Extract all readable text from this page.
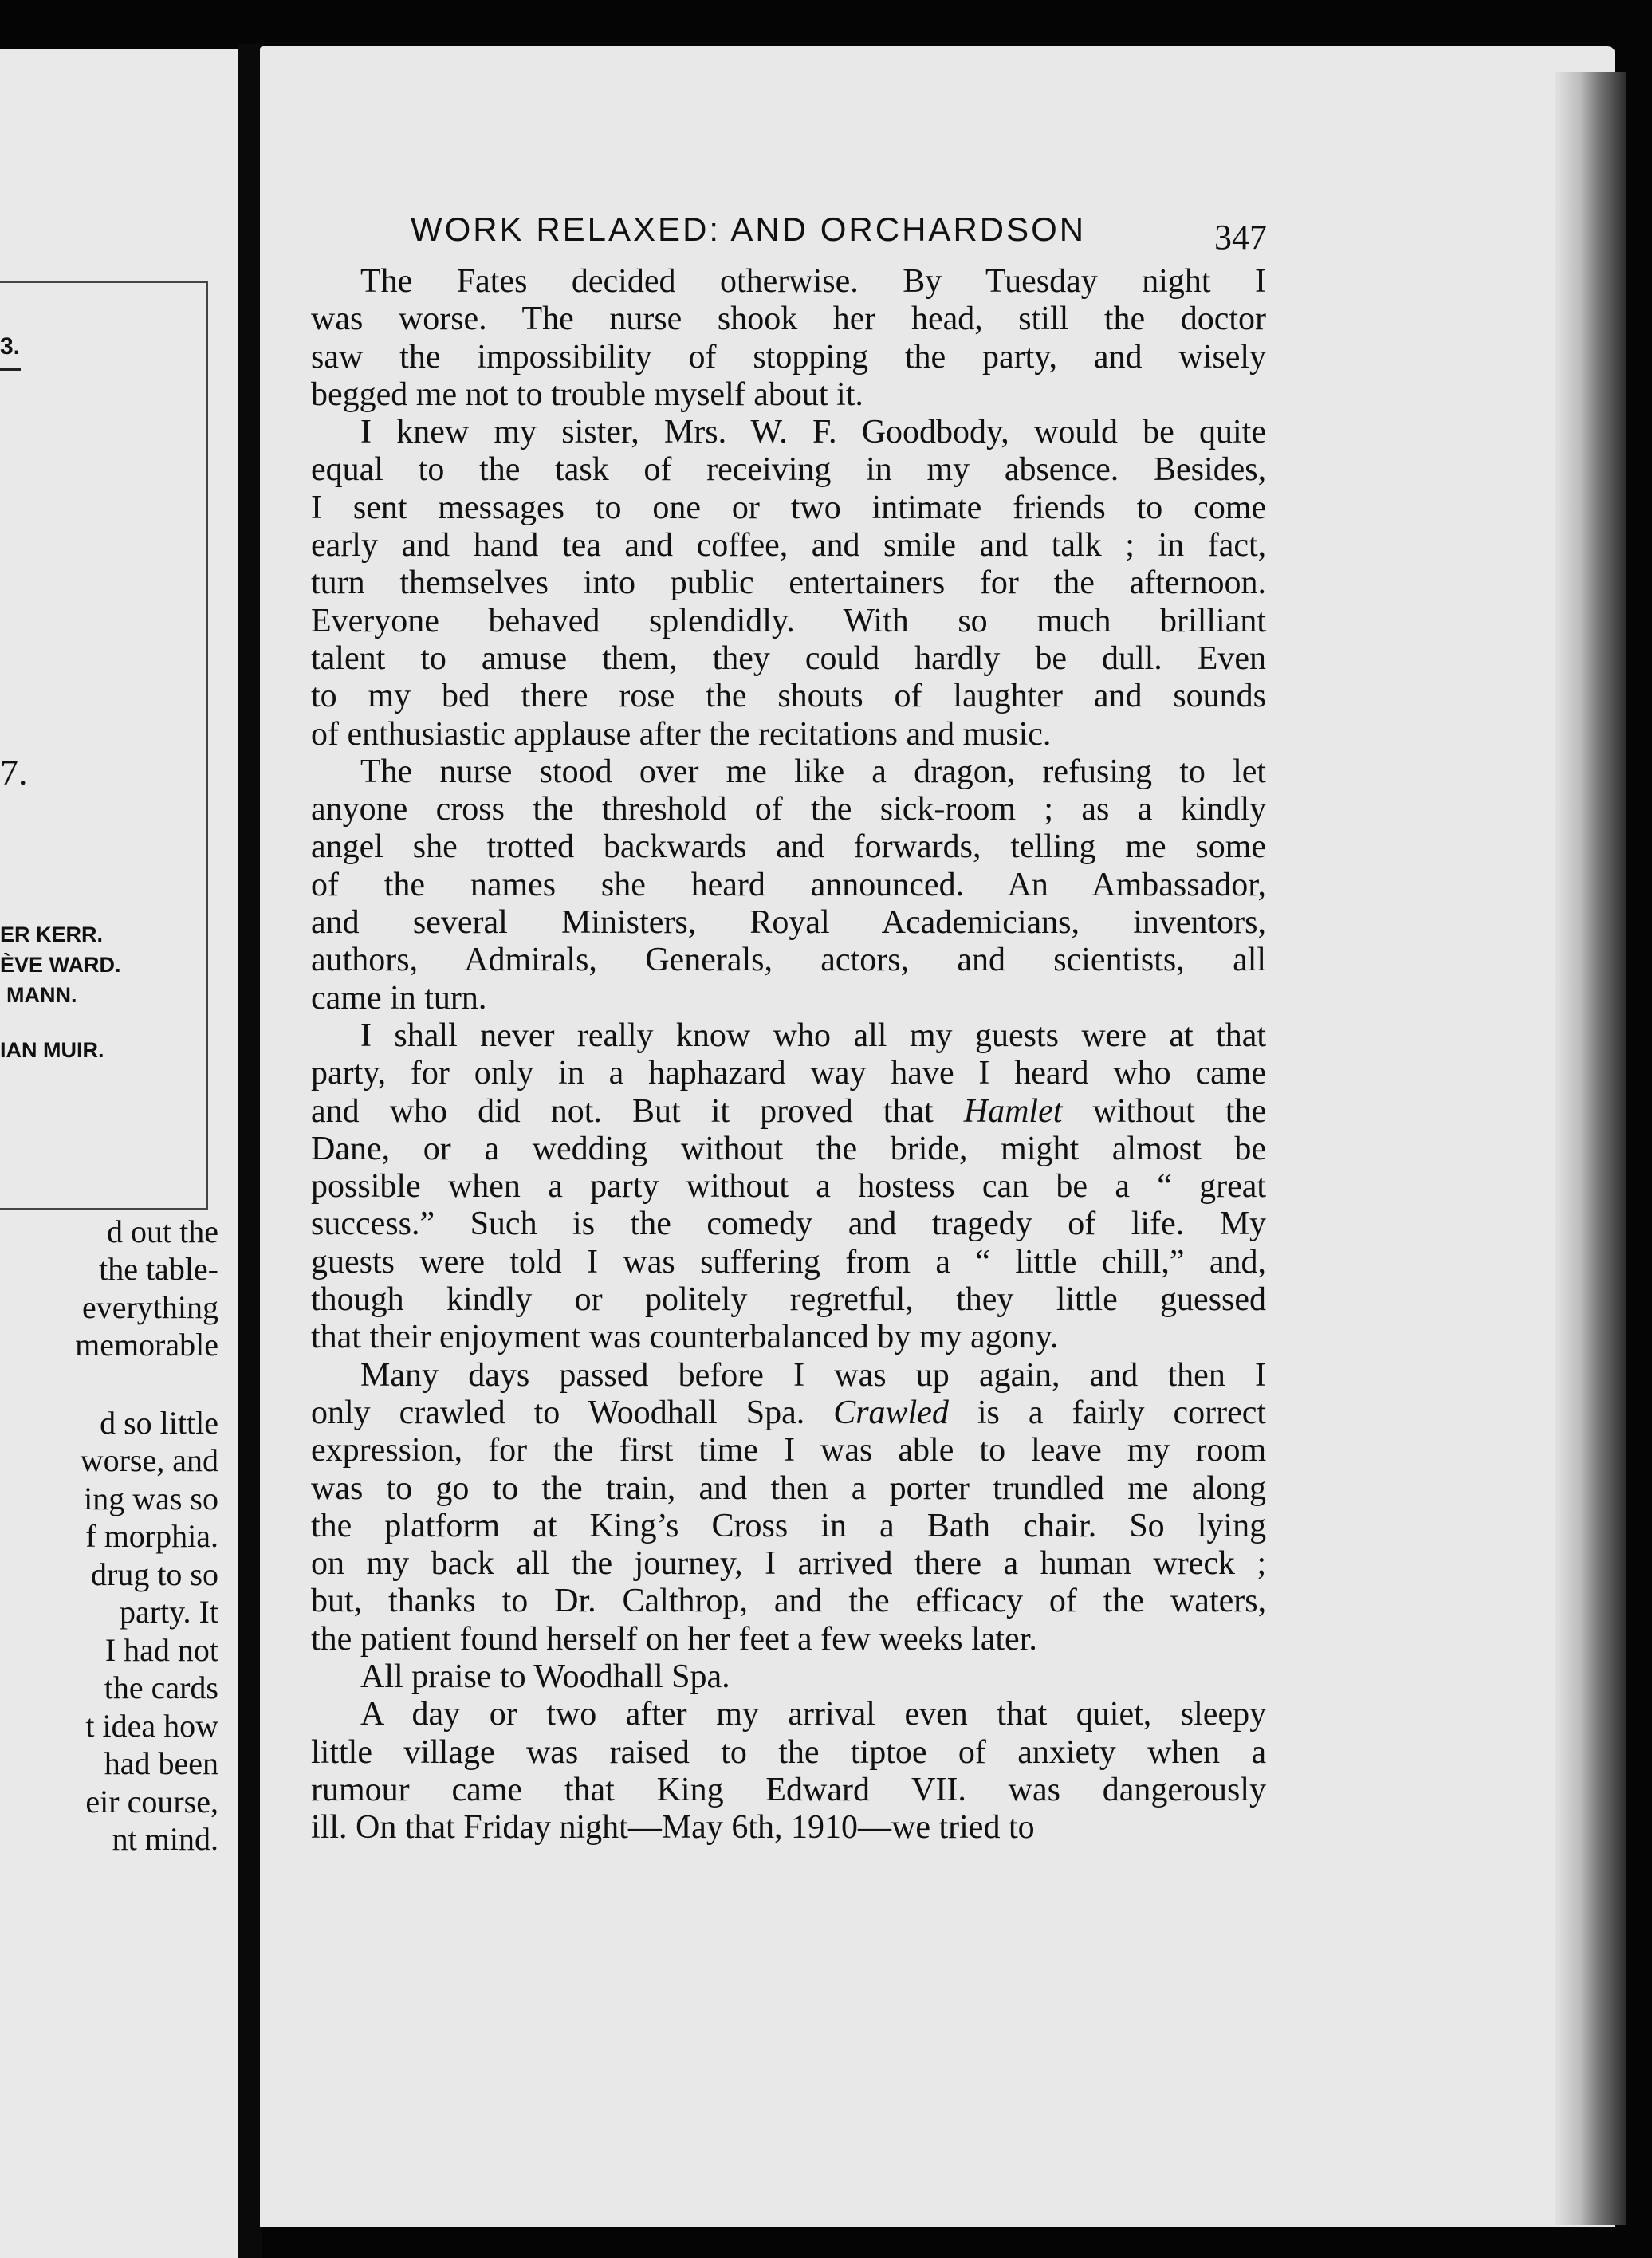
3.
7.
ER KERR.
ÈVE WARD.
MANN.
IAN MUIR.
d out the
the table-
everything
memorable
d so little
worse, and
ing was so
f morphia.
drug to so
party. It
I had not
the cards
t idea how
had been
eir course,
nt mind.
WORK RELAXED: AND ORCHARDSON	347
The Fates decided otherwise. By Tuesday night I
was worse. The nurse shook her head, still the doctor
saw the impossibility of stopping the party, and wisely
begged me not to trouble myself about it.
I knew my sister, Mrs. W. F. Goodbody, would be quite
equal to the task of receiving in my absence. Besides,
I sent messages to one or two intimate friends to come
early and hand tea and coffee, and smile and talk ; in fact,
turn themselves into public entertainers for the afternoon.
Everyone behaved splendidly. With so much brilliant
talent to amuse them, they could hardly be dull. Even
to my bed there rose the shouts of laughter and sounds
of enthusiastic applause after the recitations and music.
The nurse stood over me like a dragon, refusing to let
anyone cross the threshold of the sick-room ; as a kindly
angel she trotted backwards and forwards, telling me some
of the names she heard announced. An Ambassador,
and several Ministers, Royal Academicians, inventors,
authors, Admirals, Generals, actors, and scientists, all
came in turn.
I shall never really know who all my guests were at that
party, for only in a haphazard way have I heard who came
and who did not. But it proved that Hamlet without the
Dane, or a wedding without the bride, might almost be
possible when a party without a hostess can be a “ great
success.” Such is the comedy and tragedy of life. My
guests were told I was suffering from a “ little chill,” and,
though kindly or politely regretful, they little guessed
that their enjoyment was counterbalanced by my agony.
Many days passed before I was up again, and then I
only crawled to Woodhall Spa. Crawled is a fairly correct
expression, for the first time I was able to leave my room
was to go to the train, and then a porter trundled me along
the platform at King’s Cross in a Bath chair. So lying
on my back all the journey, I arrived there a human wreck ;
but, thanks to Dr. Calthrop, and the efficacy of the waters,
the patient found herself on her feet a few weeks later.
All praise to Woodhall Spa.
A day or two after my arrival even that quiet, sleepy
little village was raised to the tiptoe of anxiety when a
rumour came that King Edward VII. was dangerously
ill. On that Friday night—May 6th, 1910—we tried to
